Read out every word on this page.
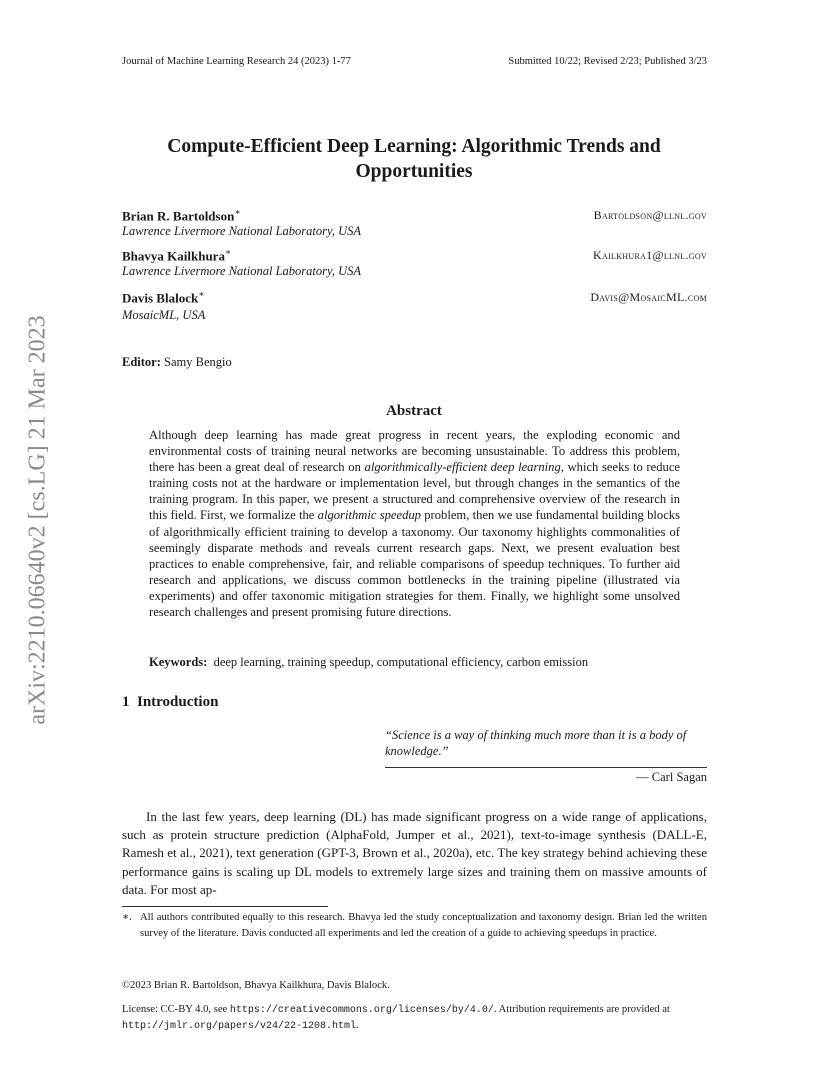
Journal of Machine Learning Research 24 (2023) 1-77	Submitted 10/22; Revised 2/23; Published 3/23
Compute-Efficient Deep Learning: Algorithmic Trends and
Opportunities
Brian R. Bartoldson∗
Lawrence Livermore National Laboratory, USA
Bartoldson@llnl.gov
Bhavya Kailkhura∗
Lawrence Livermore National Laboratory, USA
Kailkhura1@llnl.gov
Davis Blalock∗
MosaicML, USA
Davis@MosaicML.com
Editor: Samy Bengio
Abstract
Although deep learning has made great progress in recent years, the exploding economic and environmental costs of training neural networks are becoming unsustainable. To address this problem, there has been a great deal of research on algorithmically-efficient deep learning, which seeks to reduce training costs not at the hardware or implementation level, but through changes in the semantics of the training program. In this paper, we present a structured and comprehensive overview of the research in this field. First, we formalize the algorithmic speedup problem, then we use fundamental building blocks of algorithmically efficient training to develop a taxonomy. Our taxonomy highlights commonalities of seemingly disparate methods and reveals current research gaps. Next, we present evaluation best practices to enable comprehensive, fair, and reliable comparisons of speedup techniques. To further aid research and applications, we discuss common bottlenecks in the training pipeline (illustrated via experiments) and offer taxonomic mitigation strategies for them. Finally, we highlight some unsolved research challenges and present promising future directions.
Keywords: deep learning, training speedup, computational efficiency, carbon emission
1 Introduction
“Science is a way of thinking much more than it is a body of knowledge.”
— Carl Sagan
In the last few years, deep learning (DL) has made significant progress on a wide range of applications, such as protein structure prediction (AlphaFold, Jumper et al., 2021), text-to-image synthesis (DALL-E, Ramesh et al., 2021), text generation (GPT-3, Brown et al., 2020a), etc. The key strategy behind achieving these performance gains is scaling up DL models to extremely large sizes and training them on massive amounts of data. For most ap-
∗. All authors contributed equally to this research. Bhavya led the study conceptualization and taxonomy design. Brian led the written survey of the literature. Davis conducted all experiments and led the creation of a guide to achieving speedups in practice.
©2023 Brian R. Bartoldson, Bhavya Kailkhura, Davis Blalock.
License: CC-BY 4.0, see https://creativecommons.org/licenses/by/4.0/. Attribution requirements are provided at http://jmlr.org/papers/v24/22-1208.html.
arXiv:2210.06640v2 [cs.LG] 21 Mar 2023
